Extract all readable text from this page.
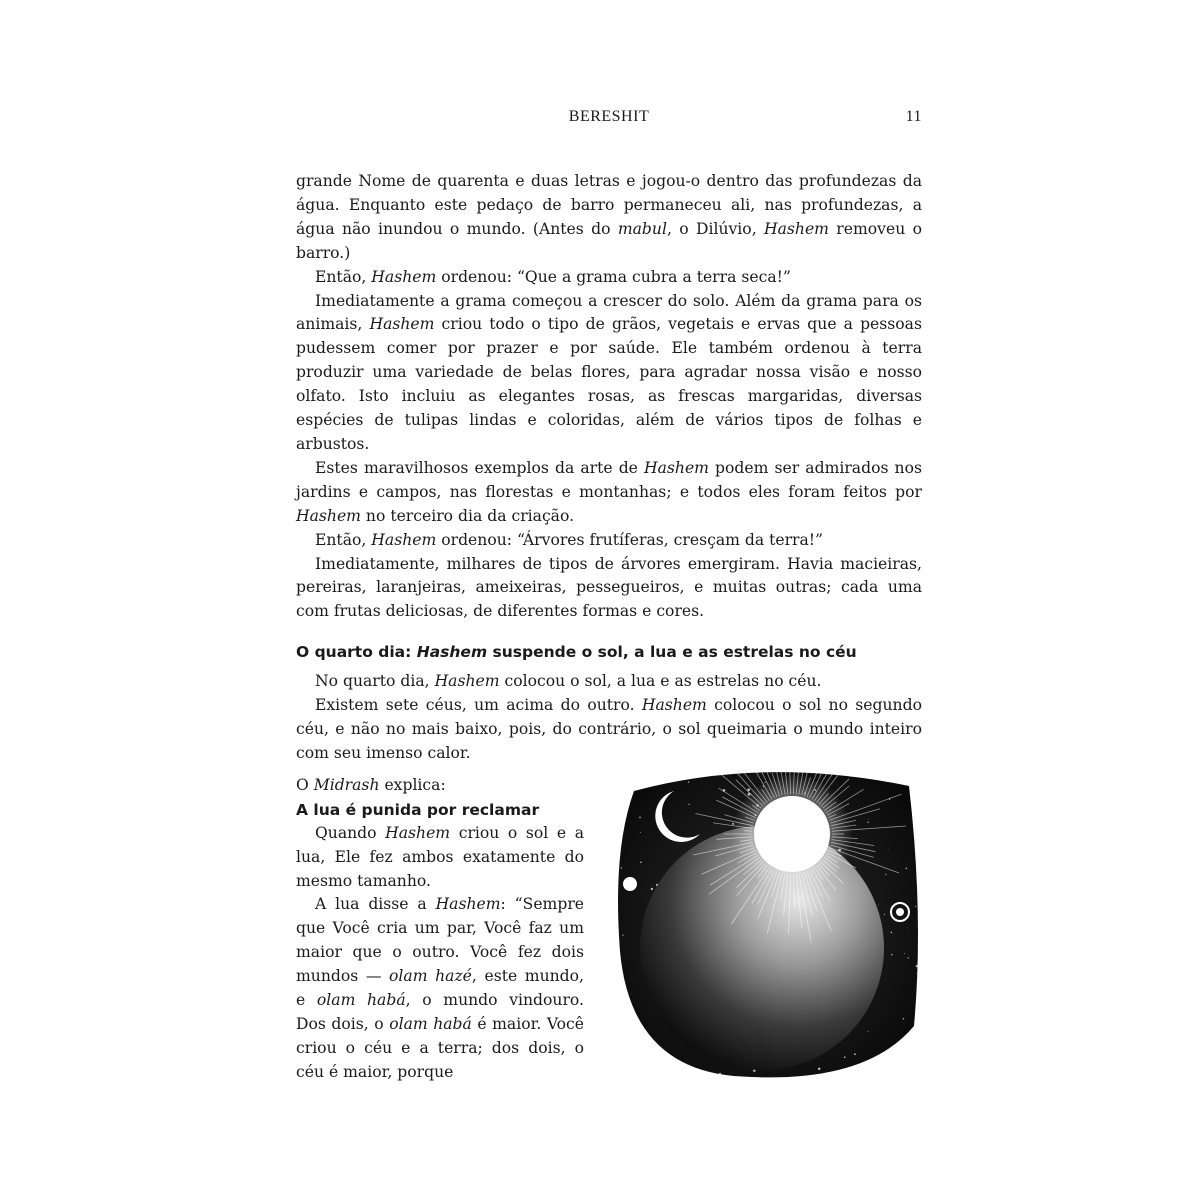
BERESHIT	11

grande Nome de quarenta e duas letras e jogou-o dentro das profundezas da água. Enquanto este pedaço de barro permaneceu ali, nas profundezas, a água não inundou o mundo. (Antes do mabul, o Dilúvio, Hashem removeu o barro.)

Então, Hashem ordenou: “Que a grama cubra a terra seca!”

Imediatamente a grama começou a crescer do solo. Além da grama para os animais, Hashem criou todo o tipo de grãos, vegetais e ervas que a pessoas pudessem comer por prazer e por saúde. Ele também ordenou à terra produzir uma variedade de belas flores, para agradar nossa visão e nosso olfato. Isto incluiu as elegantes rosas, as frescas margaridas, diversas espécies de tulipas lindas e coloridas, além de vários tipos de folhas e arbustos.

Estes maravilhosos exemplos da arte de Hashem podem ser admirados nos jardins e campos, nas florestas e montanhas; e todos eles foram feitos por Hashem no terceiro dia da criação.

Então, Hashem ordenou: “Árvores frutíferas, cresçam da terra!”

Imediatamente, milhares de tipos de árvores emergiram. Havia macieiras, pereiras, laranjeiras, ameixeiras, pessegueiros, e muitas outras; cada uma com frutas deliciosas, de diferentes formas e cores.

O quarto dia: Hashem suspende o sol, a lua e as estrelas no céu

No quarto dia, Hashem colocou o sol, a lua e as estrelas no céu.

Existem sete céus, um acima do outro. Hashem colocou o sol no segundo céu, e não no mais baixo, pois, do contrário, o sol queimaria o mundo inteiro com seu imenso calor.

O Midrash explica:

A lua é punida por reclamar

Quando Hashem criou o sol e a lua, Ele fez ambos exatamente do mesmo tamanho.

A lua disse a Hashem: “Sempre que Você cria um par, Você faz um maior que o outro. Você fez dois mundos — olam hazé, este mundo, e olam habá, o mundo vindouro. Dos dois, o olam habá é maior. Você criou o céu e a terra; dos dois, o céu é maior, porque
